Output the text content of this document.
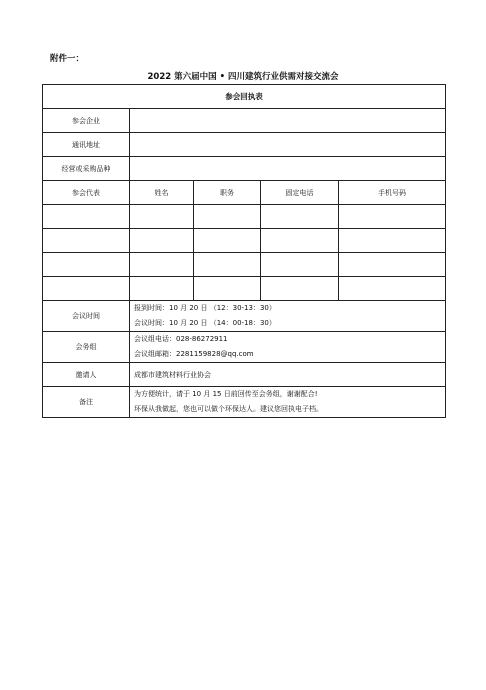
附件一：
2022 第六届中国 • 四川建筑行业供需对接交流会
参会回执表				
参会企业				
通讯地址				
经营或采购品种				
参会代表	姓名	职务	固定电话	手机号码

会议时间	报到时间：10 月 20 日 （12：30-13：30）
会议时间：10 月 20 日 （14：00-18：30）			

会务组	会议组电话：028-86272911
会议组邮箱：2281159828@qq.com			

邀请人	成都市建筑材料行业协会			
备注	为方便统计，请于 10 月 15 日前回传至会务组，谢谢配合!
环保从我做起，您也可以做个环保达人。建议您回执电子档。			
